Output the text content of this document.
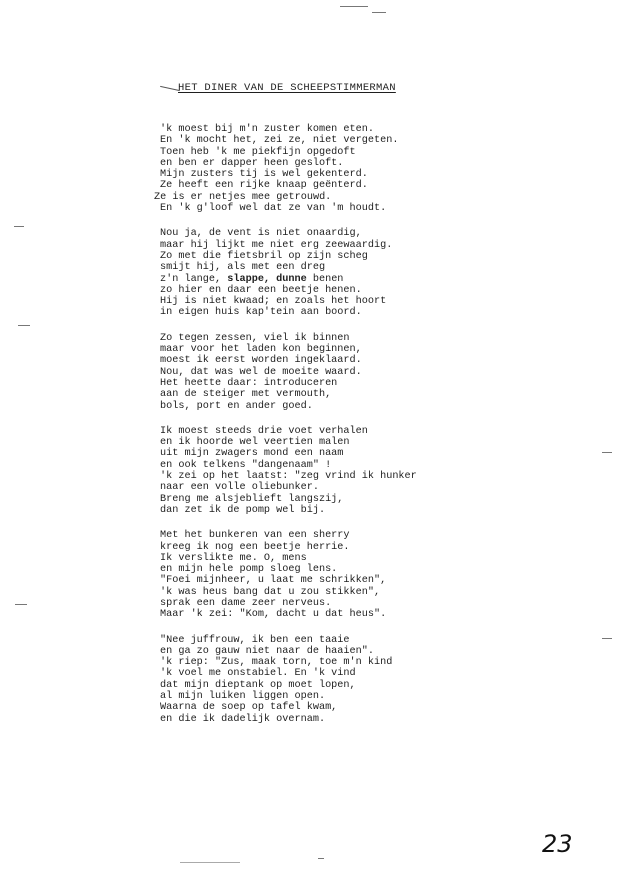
HET DINER VAN DE SCHEEPSTIMMERMAN
'k moest bij m'n zuster komen eten.
En 'k mocht het, zei ze, niet vergeten.
Toen heb 'k me piekfijn opgedoft
en ben er dapper heen gesloft.
Mijn zusters tij is wel gekenterd.
Ze heeft een rijke knaap geënterd.
Ze is er netjes mee getrouwd.
En 'k g'loof wel dat ze van 'm houdt.
Nou ja, de vent is niet onaardig,
maar hij lijkt me niet erg zeewaardig.
Zo met die fietsbril op zijn scheg
smijt hij, als met een dreg
z'n lange, slappe, dunne benen
zo hier en daar een beetje henen.
Hij is niet kwaad; en zoals het hoort
in eigen huis kap'tein aan boord.
Zo tegen zessen, viel ik binnen
maar voor het laden kon beginnen,
moest ik eerst worden ingeklaard.
Nou, dat was wel de moeite waard.
Het heette daar: introduceren
aan de steiger met vermouth,
bols, port en ander goed.
Ik moest steeds drie voet verhalen
en ik hoorde wel veertien malen
uit mijn zwagers mond een naam
en ook telkens "dangenaam" !
'k zei op het laatst: "zeg vrind ik hunker
naar een volle oliebunker.
Breng me alsjeblieft langszij,
dan zet ik de pomp wel bij.
Met het bunkeren van een sherry
kreeg ik nog een beetje herrie.
Ik verslikte me. O, mens
en mijn hele pomp sloeg lens.
"Foei mijnheer, u laat me schrikken",
'k was heus bang dat u zou stikken",
sprak een dame zeer nerveus.
Maar 'k zei: "Kom, dacht u dat heus".
"Nee juffrouw, ik ben een taaie
en ga zo gauw niet naar de haaien".
'k riep: "Zus, maak torn, toe m'n kind
'k voel me onstabiel. En 'k vind
dat mijn dieptank op moet lopen,
al mijn luiken liggen open.
Waarna de soep op tafel kwam,
en die ik dadelijk overnam.
23
